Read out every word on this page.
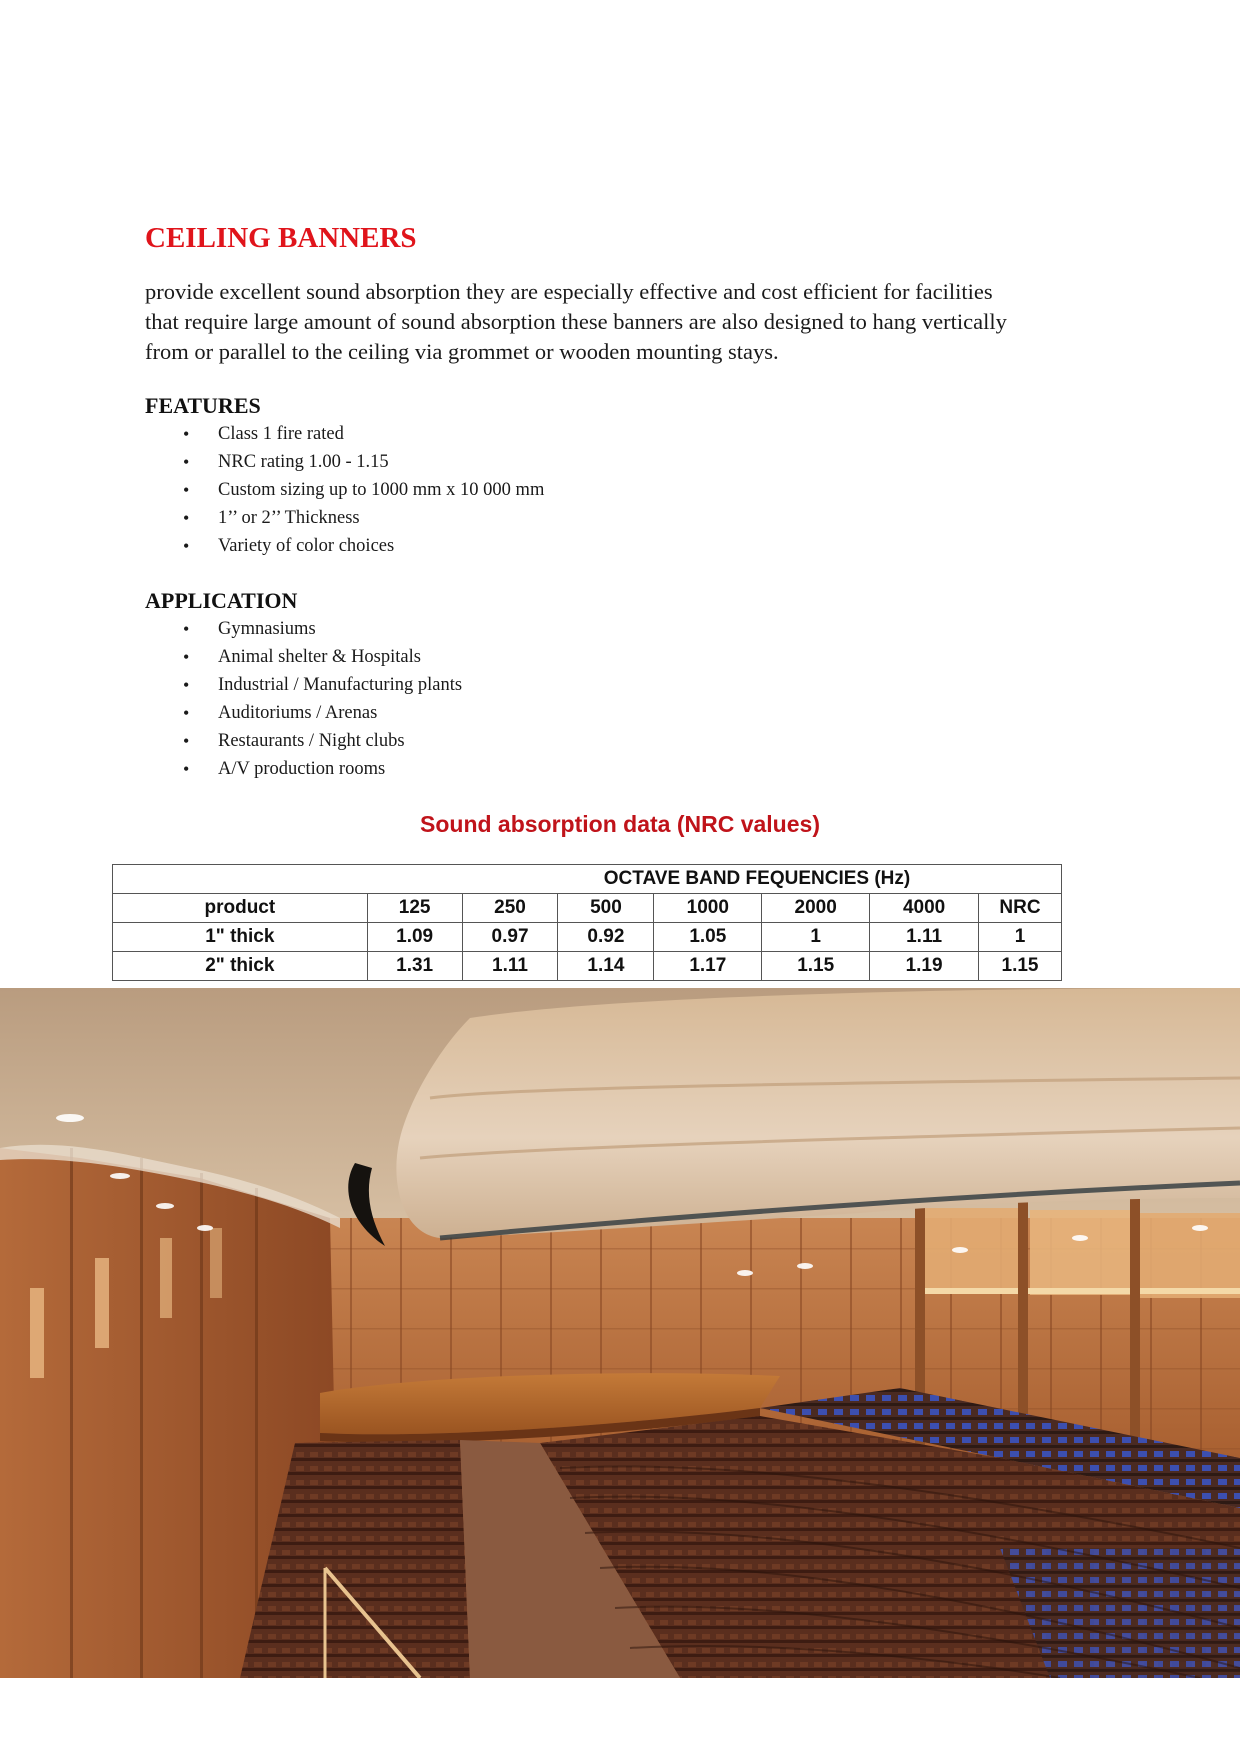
CEILING BANNERS
provide excellent sound absorption they are especially effective and cost efficient for facilities
that require large amount of sound absorption these banners are also designed to hang vertically
from or parallel to the ceiling via grommet or wooden mounting stays.
FEATURES
• Class 1 fire rated
• NRC rating 1.00 - 1.15
• Custom sizing up to 1000 mm x 10 000 mm
• 1’’ or 2’’ Thickness
• Variety of color choices
APPLICATION
• Gymnasiums
• Animal shelter & Hospitals
• Industrial / Manufacturing plants
• Auditoriums / Arenas
• Restaurants / Night clubs
• A/V production rooms
Sound absorption data (NRC values)
OCTAVE BAND FEQUENCIES (Hz)							
product	125	250	500	1000	2000	4000	NRC
1" thick	1.09	0.97	0.92	1.05	1	1.11	1
2" thick	1.31	1.11	1.14	1.17	1.15	1.19	1.15
